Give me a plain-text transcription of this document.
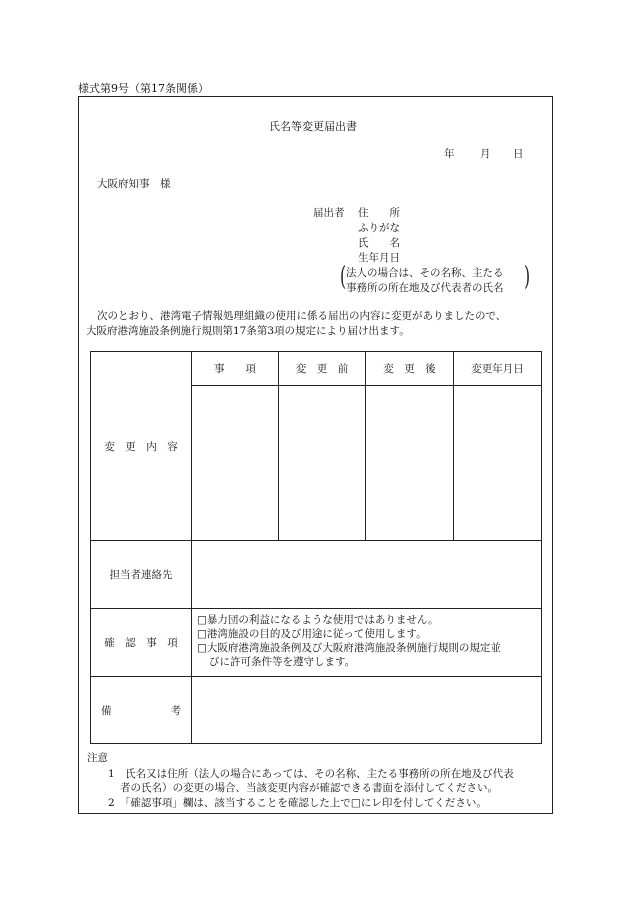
様式第9号（第17条関係）
氏名等変更届出書
年 月 日
大阪府知事　様
届出者 住　　所
ふりがな
氏　　名
生年月日
( 法人の場合は、その名称、主たる
事務所の所在地及び代表者の氏名 )
次のとおり、港湾電子情報処理組織の使用に係る届出の内容に変更がありましたので、
大阪府港湾施設条例施行規則第17条第3項の規定により届け出ます。
変　更　内　容	事　　項	変　更　前	変　更　後	変更年月日

担当者連絡先				
確　認　事　項	□暴力団の利益になるような使用ではありません。
□港湾施設の目的及び用途に従って使用します。
□大阪府港湾施設条例及び大阪府港湾施設条例施行規則の規定並
びに許可条件等を遵守します。			

備 考				

注意
1　氏名又は住所（法人の場合にあっては、その名称、主たる事務所の所在地及び代表
者の氏名）の変更の場合、当該変更内容が確認できる書面を添付してください。
2　「確認事項」欄は、該当することを確認した上で□にレ印を付してください。
